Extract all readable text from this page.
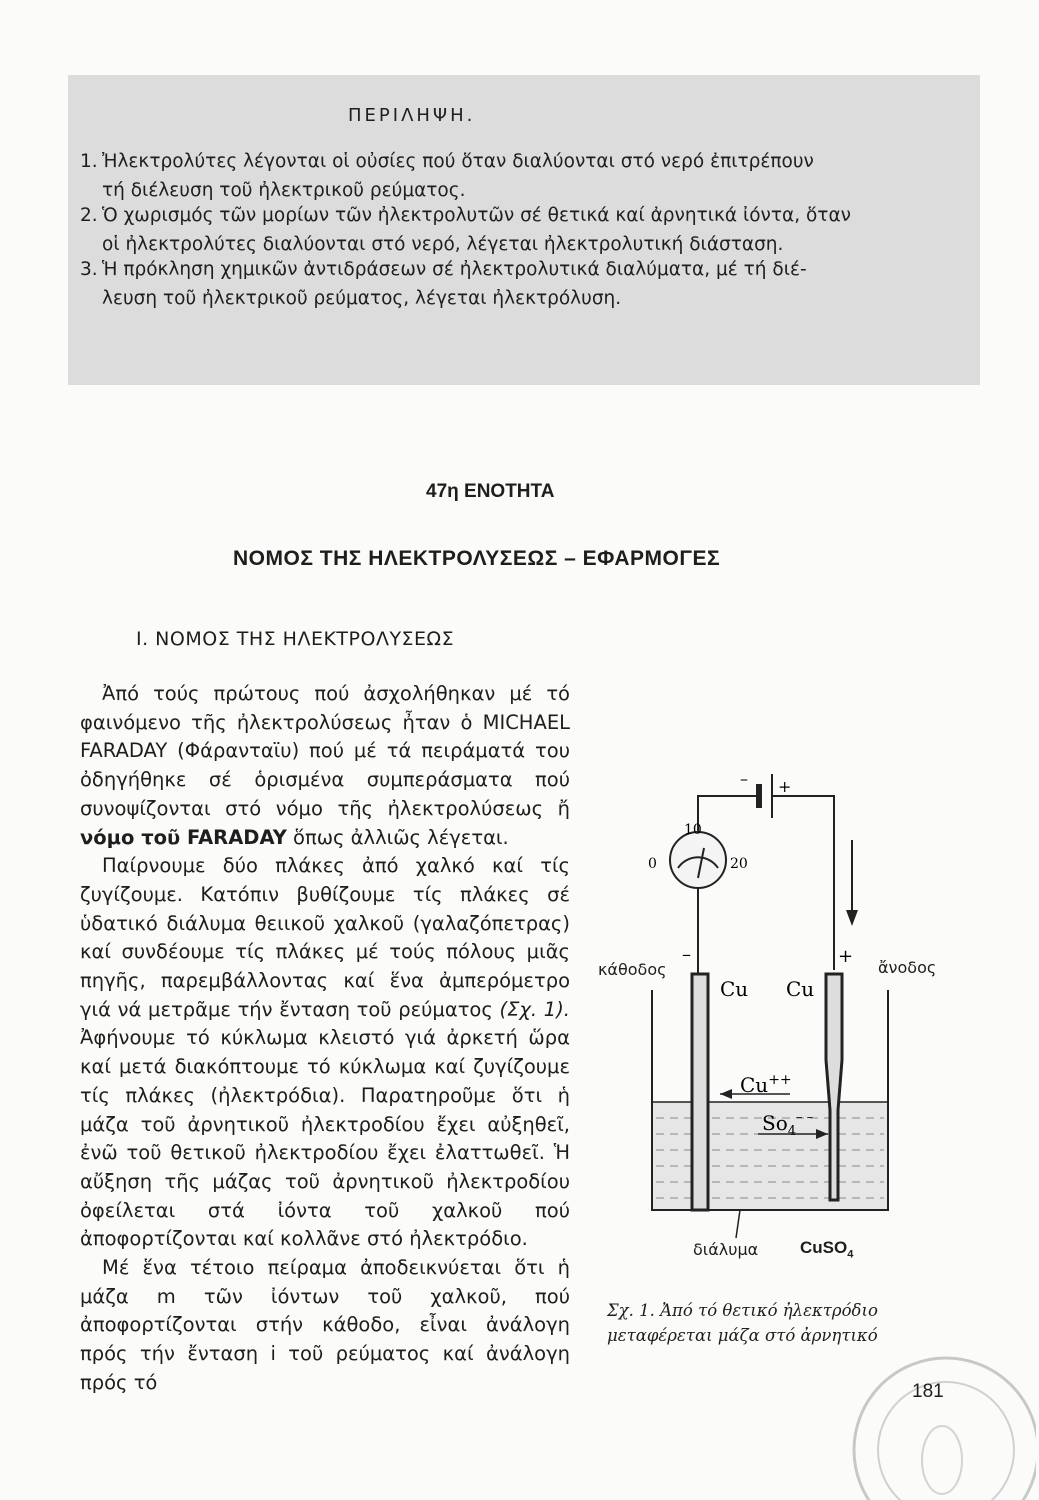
ΠΕΡΙΛΗΨΗ.
1. Ἠλεκτρολύτες λέγονται οἱ οὐσίες πού ὅταν διαλύονται στό νερό ἐπιτρέπουν
τή διέλευση τοῦ ἠλεκτρικοῦ ρεύματος.
2. Ὁ χωρισμός τῶν μορίων τῶν ἠλεκτρολυτῶν σέ θετικά καί ἀρνητικά ἰόντα, ὅταν
οἱ ἠλεκτρολύτες διαλύονται στό νερό, λέγεται ἠλεκτρολυτική διάσταση.
3. Ἡ πρόκληση χημικῶν ἀντιδράσεων σέ ἠλεκτρολυτικά διαλύματα, μέ τή διέ-
λευση τοῦ ἠλεκτρικοῦ ρεύματος, λέγεται ἠλεκτρόλυση.
47η ΕΝΟΤΗΤΑ
ΝΟΜΟΣ ΤΗΣ ΗΛΕΚΤΡΟΛΥΣΕΩΣ – ΕΦΑΡΜΟΓΕΣ
I. ΝΟΜΟΣ ΤΗΣ ΗΛΕΚΤΡΟΛΥΣΕΩΣ

Ἀπό τούς πρώτους πού ἀσχολήθηκαν μέ τό φαινόμενο τῆς ἠλεκτρολύσεως ἦταν ὁ MICHAEL FARADAY (Φάρανταϊυ) πού μέ τά πειράματά του ὀδηγήθηκε σέ ὁρισμένα συμπεράσματα πού συνοψίζονται στό νόμο τῆς ἠλεκτρολύσεως ἤ νόμο τοῦ FARADAY ὅπως ἀλλιῶς λέγεται.

Παίρνουμε δύο πλάκες ἀπό χαλκό καί τίς ζυγίζουμε. Κατόπιν βυθίζουμε τίς πλάκες σέ ὑδατικό διάλυμα θειικοῦ χαλκοῦ (γαλαζόπετρας) καί συνδέουμε τίς πλάκες μέ τούς πόλους μιᾶς πηγῆς, παρεμβάλλοντας καί ἕνα ἀμπερόμετρο γιά νά μετρᾶμε τήν ἔνταση τοῦ ρεύματος (Σχ. 1). Ἀφήνουμε τό κύκλωμα κλειστό γιά ἀρκετή ὥρα καί μετά διακόπτουμε τό κύκλωμα καί ζυγίζουμε τίς πλάκες (ἠλεκτρόδια). Παρατηροῦμε ὅτι ἡ μάζα τοῦ ἀρνητικοῦ ἠλεκτροδίου ἔχει αὐξηθεῖ, ἐνῶ τοῦ θετικοῦ ἠλεκτροδίου ἔχει ἐλαττωθεῖ. Ἡ αὔξηση τῆς μάζας τοῦ ἀρνητικοῦ ἠλεκτροδίου ὀφείλεται στά ἰόντα τοῦ χαλκοῦ πού ἀποφορτίζονται καί κολλᾶνε στό ἠλεκτρόδιο.

Μέ ἕνα τέτοιο πείραμα ἀποδεικνύεται ὅτι ἡ μάζα m τῶν ἰόντων τοῦ χαλκοῦ, πού ἀποφορτίζονται στήν κάθοδο, εἶναι ἀνάλογη πρός τήν ἔνταση i τοῦ ρεύματος καί ἀνάλογη πρός τό

– +
10
0	20
–	+
Cu Cu
Cu++
$So_4^{- -}$
κάθοδος	ἄνοδος
διάλυμα CuSO$_4$
Σχ. 1. Ἀπό τό θετικό ἠλεκτρόδιο
μεταφέρεται μάζα στό ἀρνητικό
181
